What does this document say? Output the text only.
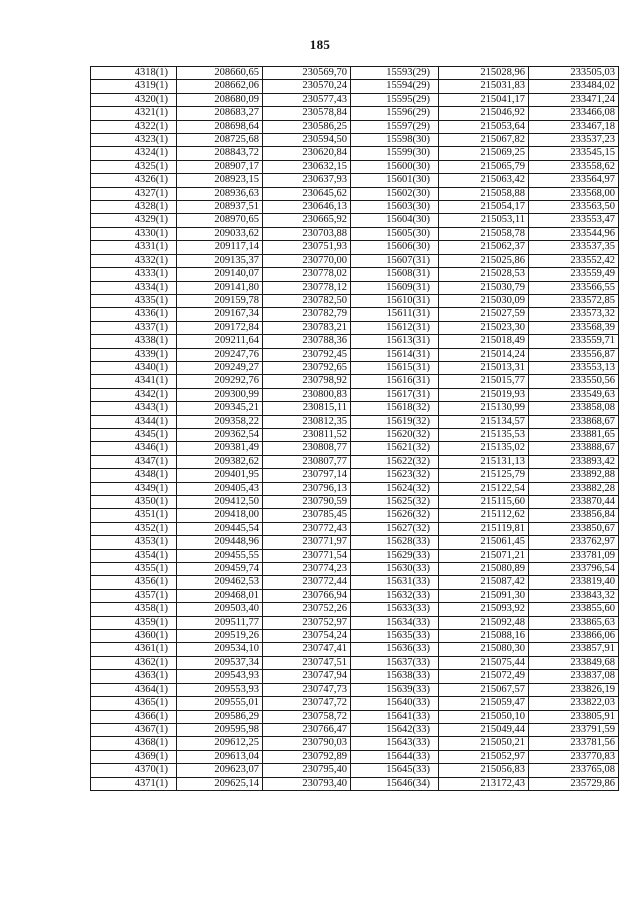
185
4318(1)	208660,65	230569,70	15593(29)	215028,96	233505,03
4319(1)	208662,06	230570,24	15594(29)	215031,83	233484,02
4320(1)	208680,09	230577,43	15595(29)	215041,17	233471,24
4321(1)	208683,27	230578,84	15596(29)	215046,92	233466,08
4322(1)	208698,64	230586,25	15597(29)	215053,64	233467,18
4323(1)	208725,68	230594,50	15598(30)	215067,82	233537,23
4324(1)	208843,72	230620,84	15599(30)	215069,25	233545,15
4325(1)	208907,17	230632,15	15600(30)	215065,79	233558,62
4326(1)	208923,15	230637,93	15601(30)	215063,42	233564,97
4327(1)	208936,63	230645,62	15602(30)	215058,88	233568,00
4328(1)	208937,51	230646,13	15603(30)	215054,17	233563,50
4329(1)	208970,65	230665,92	15604(30)	215053,11	233553,47
4330(1)	209033,62	230703,88	15605(30)	215058,78	233544,96
4331(1)	209117,14	230751,93	15606(30)	215062,37	233537,35
4332(1)	209135,37	230770,00	15607(31)	215025,86	233552,42
4333(1)	209140,07	230778,02	15608(31)	215028,53	233559,49
4334(1)	209141,80	230778,12	15609(31)	215030,79	233566,55
4335(1)	209159,78	230782,50	15610(31)	215030,09	233572,85
4336(1)	209167,34	230782,79	15611(31)	215027,59	233573,32
4337(1)	209172,84	230783,21	15612(31)	215023,30	233568,39
4338(1)	209211,64	230788,36	15613(31)	215018,49	233559,71
4339(1)	209247,76	230792,45	15614(31)	215014,24	233556,87
4340(1)	209249,27	230792,65	15615(31)	215013,31	233553,13
4341(1)	209292,76	230798,92	15616(31)	215015,77	233550,56
4342(1)	209300,99	230800,83	15617(31)	215019,93	233549,63
4343(1)	209345,21	230815,11	15618(32)	215130,99	233858,08
4344(1)	209358,22	230812,35	15619(32)	215134,57	233868,67
4345(1)	209362,54	230811,52	15620(32)	215135,53	233881,65
4346(1)	209381,49	230808,77	15621(32)	215135,02	233888,67
4347(1)	209382,62	230807,77	15622(32)	215131,13	233893,42
4348(1)	209401,95	230797,14	15623(32)	215125,79	233892,88
4349(1)	209405,43	230796,13	15624(32)	215122,54	233882,28
4350(1)	209412,50	230790,59	15625(32)	215115,60	233870,44
4351(1)	209418,00	230785,45	15626(32)	215112,62	233856,84
4352(1)	209445,54	230772,43	15627(32)	215119,81	233850,67
4353(1)	209448,96	230771,97	15628(33)	215061,45	233762,97
4354(1)	209455,55	230771,54	15629(33)	215071,21	233781,09
4355(1)	209459,74	230774,23	15630(33)	215080,89	233796,54
4356(1)	209462,53	230772,44	15631(33)	215087,42	233819,40
4357(1)	209468,01	230766,94	15632(33)	215091,30	233843,32
4358(1)	209503,40	230752,26	15633(33)	215093,92	233855,60
4359(1)	209511,77	230752,97	15634(33)	215092,48	233865,63
4360(1)	209519,26	230754,24	15635(33)	215088,16	233866,06
4361(1)	209534,10	230747,41	15636(33)	215080,30	233857,91
4362(1)	209537,34	230747,51	15637(33)	215075,44	233849,68
4363(1)	209543,93	230747,94	15638(33)	215072,49	233837,08
4364(1)	209553,93	230747,73	15639(33)	215067,57	233826,19
4365(1)	209555,01	230747,72	15640(33)	215059,47	233822,03
4366(1)	209586,29	230758,72	15641(33)	215050,10	233805,91
4367(1)	209595,98	230766,47	15642(33)	215049,44	233791,59
4368(1)	209612,25	230790,03	15643(33)	215050,21	233781,56
4369(1)	209613,04	230792,89	15644(33)	215052,97	233770,83
4370(1)	209623,07	230795,40	15645(33)	215056,83	233765,08
4371(1)	209625,14	230793,40	15646(34)	213172,43	235729,86
